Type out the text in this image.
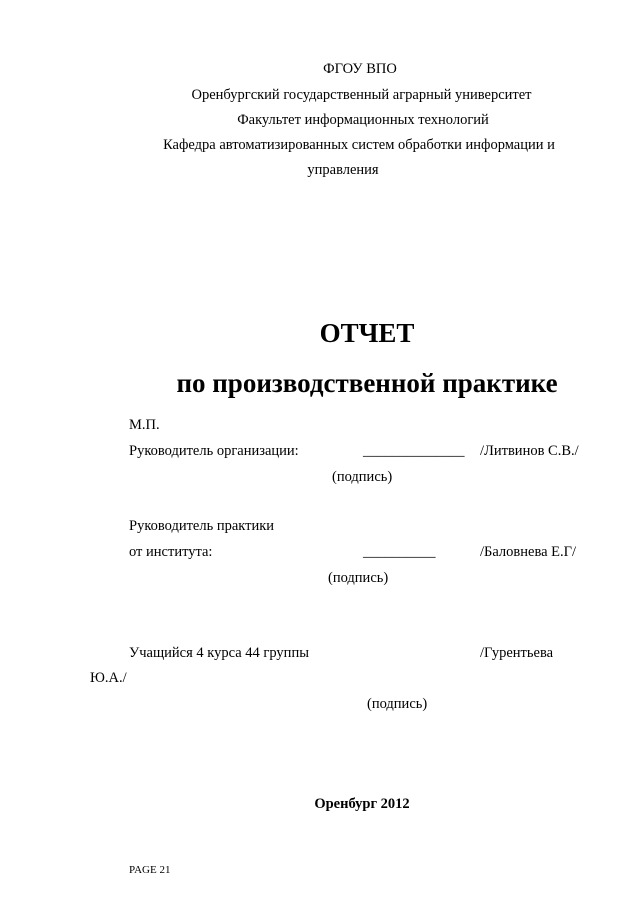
ФГОУ ВПО
Оренбургский государственный аграрный университет
Факультет информационных технологий
Кафедра автоматизированных систем обработки информации и
управления
ОТЧЕТ
по производственной практике
М.П.
Руководитель организации:	______________ /Литвинов С.В./
(подпись)
Руководитель практики
от института:	__________	/Баловнева Е.Г/
(подпись)
Учащийся 4 курса 44 группы	/Гурентьева
Ю.А./
(подпись)
Оренбург 2012
PAGE 21
